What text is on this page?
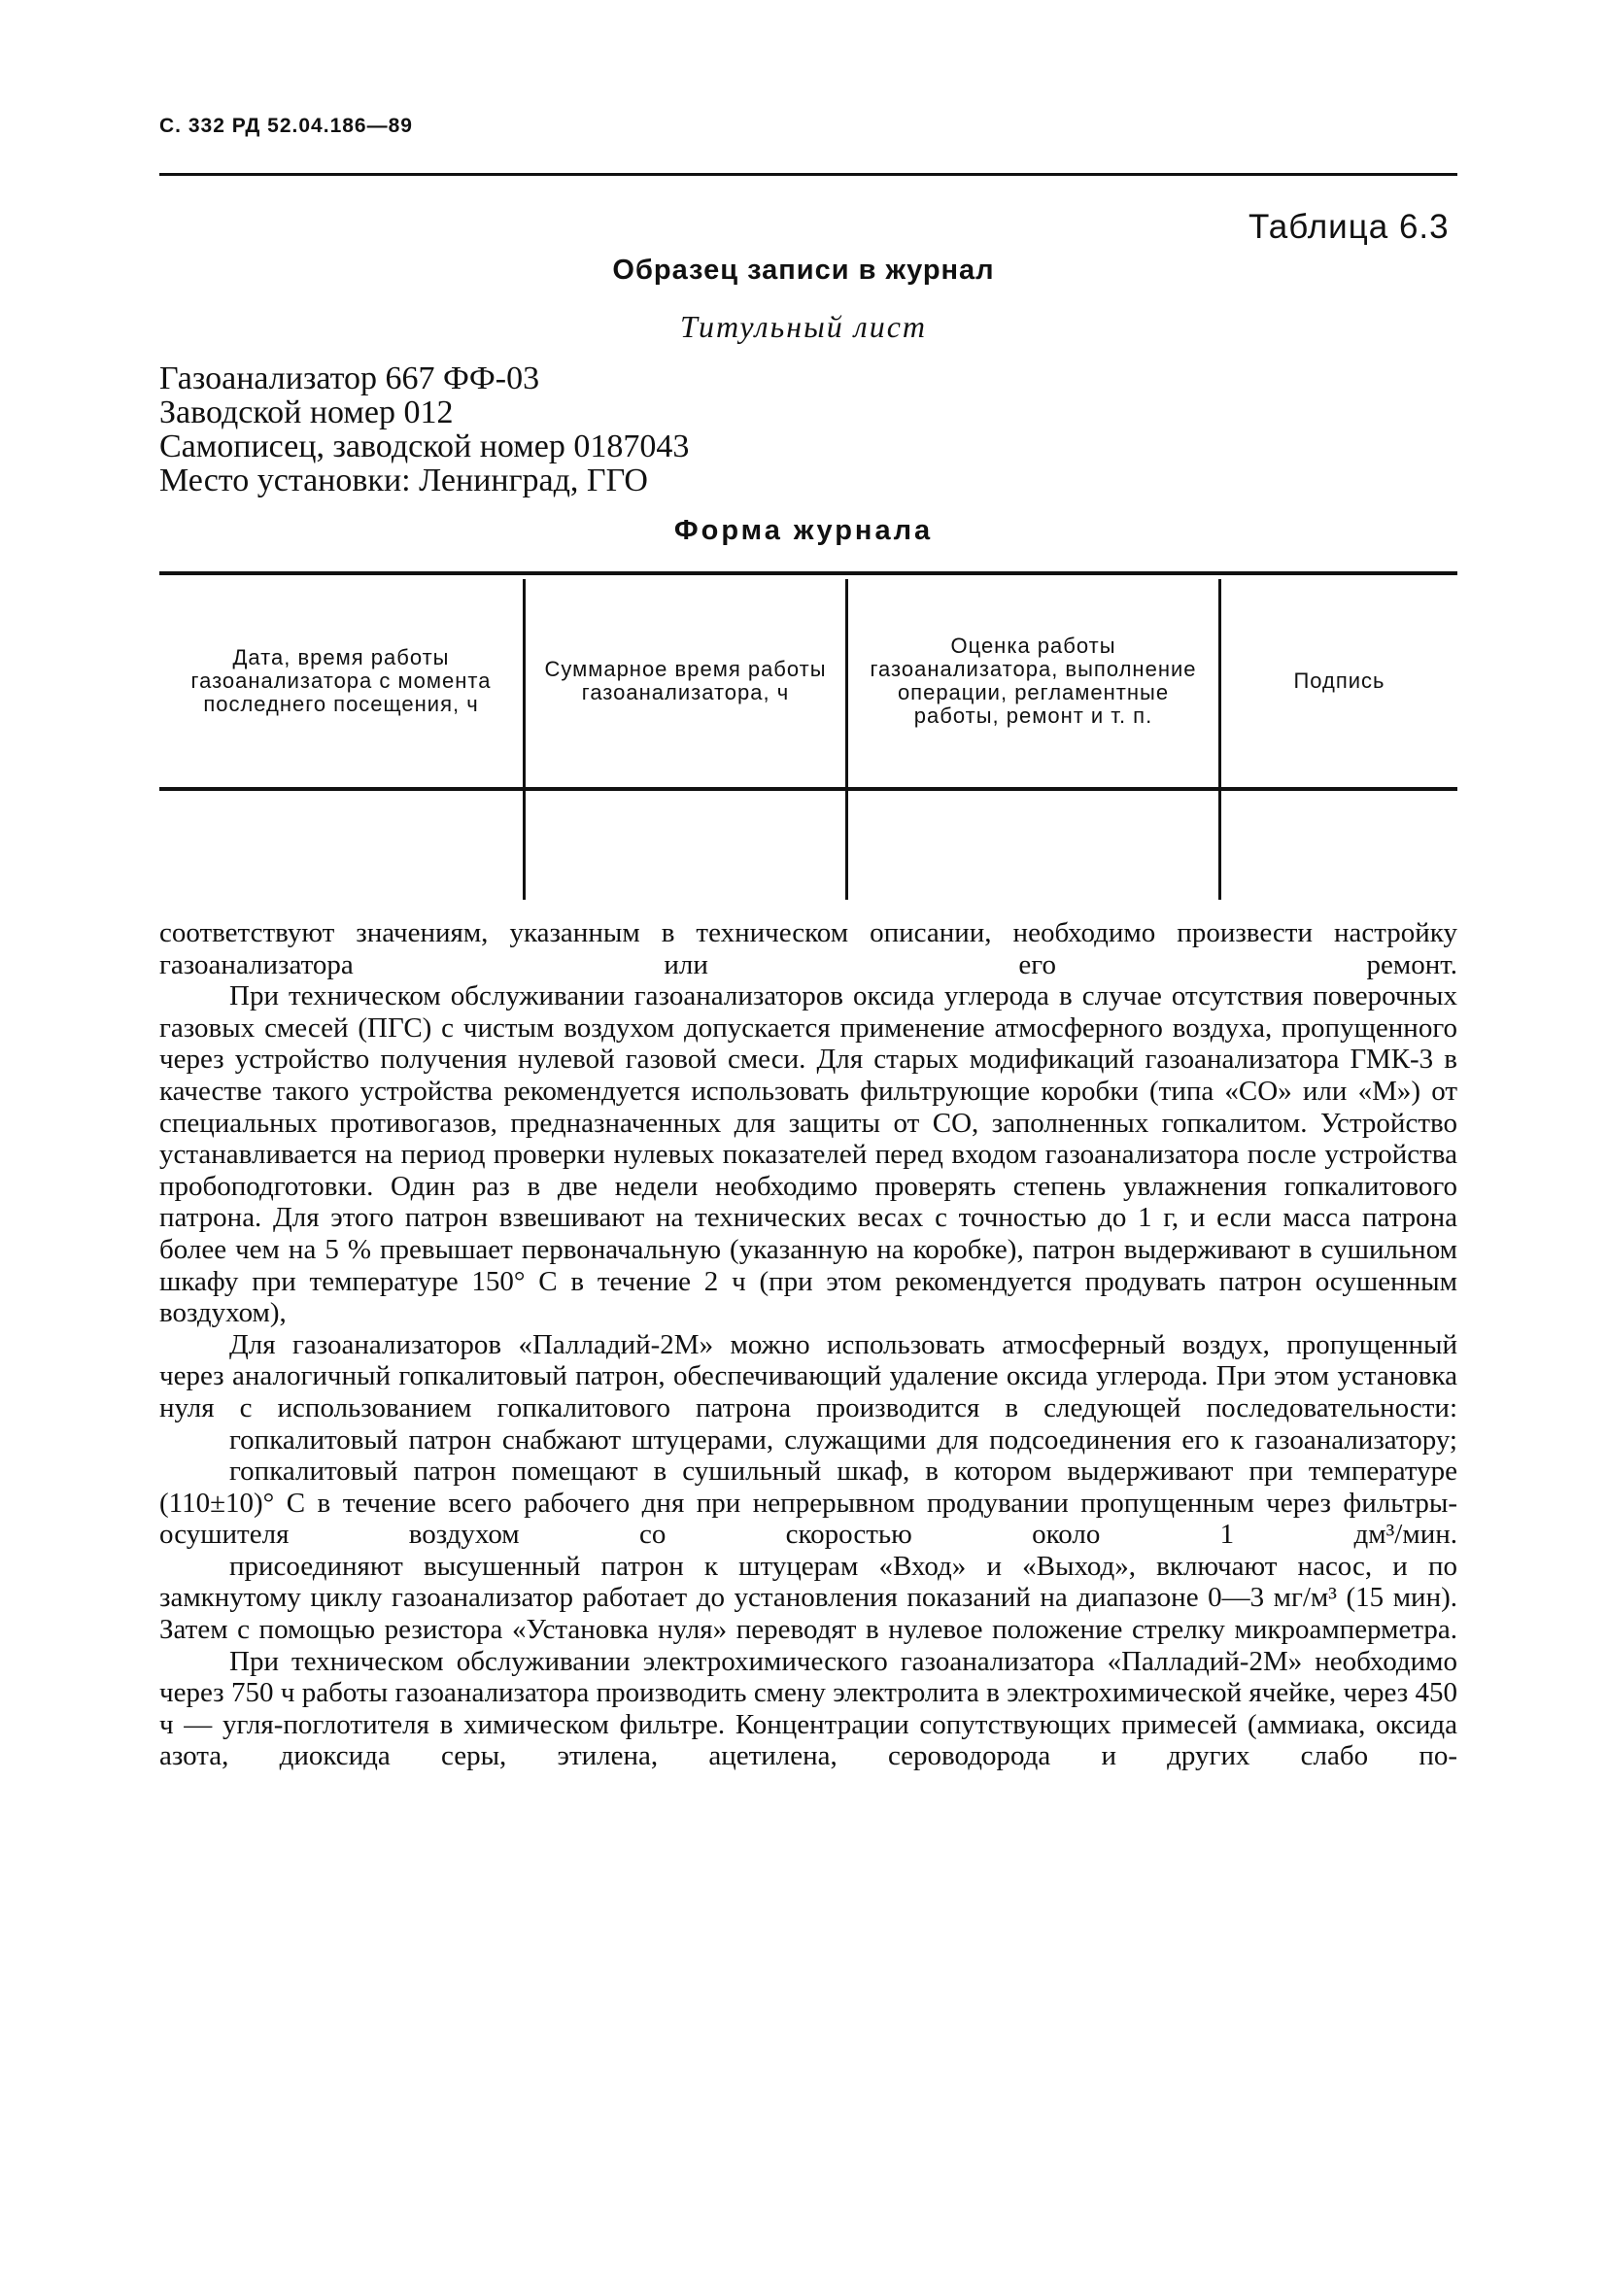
С. 332 РД 52.04.186—89
Таблица 6.3
Образец записи в журнал
Титульный лист
Газоанализатор 667 ФФ-03
Заводской номер 012
Самописец, заводской номер 0187043
Место установки: Ленинград, ГГО
Форма журнала
Дата, время работы газоанализатора с момента последнего посещения, ч
Суммарное время работы газоанализатора, ч
Оценка работы газоанализатора, выполнение операции, регламентные работы, ремонт и т. п.
Подпись

соответствуют значениям, указанным в техническом описании, необходимо произвести настройку газоанализатора или его ремонт.

При техническом обслуживании газоанализаторов оксида углерода в случае отсутствия поверочных газовых смесей (ПГС) с чистым воздухом допускается применение атмосферного воздуха, пропущенного через устройство получения нулевой газовой смеси. Для старых модификаций газоанализатора ГМК-3 в качестве такого устройства рекомендуется использовать фильтрующие коробки (типа «СО» или «М») от специальных противогазов, предназначенных для защиты от СО, заполненных гопкалитом. Устройство устанавливается на период проверки нулевых показателей перед входом газоанализатора после устройства пробоподготовки. Один раз в две недели необходимо проверять степень увлажнения гопкалитового патрона. Для этого патрон взвешивают на технических весах с точностью до 1 г, и если масса патрона более чем на 5 % превышает первоначальную (указанную на коробке), патрон выдерживают в сушильном шкафу при температуре 150° С в течение 2 ч (при этом рекомендуется продувать патрон осушенным воздухом),

Для газоанализаторов «Палладий-2М» можно использовать атмосферный воздух, пропущенный через аналогичный гопкалитовый патрон, обеспечивающий удаление оксида углерода. При этом установка нуля с использованием гопкалитового патрона производится в следующей последовательности:

гопкалитовый патрон снабжают штуцерами, служащими для подсоединения его к газоанализатору;

гопкалитовый патрон помещают в сушильный шкаф, в котором выдерживают при температуре (110±10)° С в течение всего рабочего дня при непрерывном продувании пропущенным через фильтры-осушителя воздухом со скоростью около 1 дм³/мин.

присоединяют высушенный патрон к штуцерам «Вход» и «Выход», включают насос, и по замкнутому циклу газоанализатор работает до установления показаний на диапазоне 0—3 мг/м³ (15 мин). Затем с помощью резистора «Установка нуля» переводят в нулевое положение стрелку микроамперметра.

При техническом обслуживании электрохимического газоанализатора «Палладий-2М» необходимо через 750 ч работы газоанализатора производить смену электролита в электрохимической ячейке, через 450 ч — угля-поглотителя в химическом фильтре. Концентрации сопутствующих примесей (аммиака, оксида азота, диоксида серы, этилена, ацетилена, сероводорода и других слабо по-
